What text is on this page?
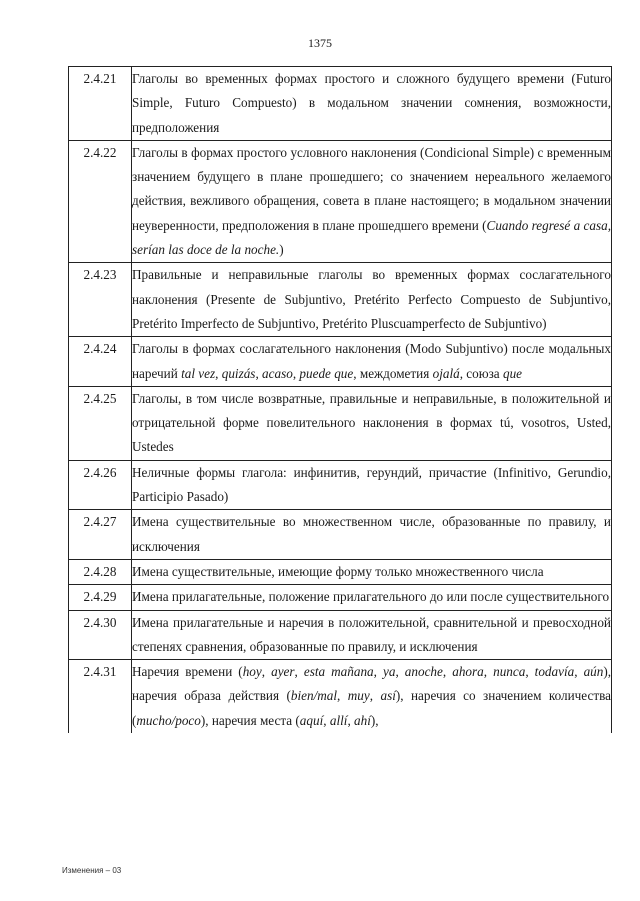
1375
2.4.21	Глаголы во временных формах простого и сложного будущего времени (Futuro Simple, Futuro Compuesto) в модальном значении сомнения, возможности, предположения
2.4.22	Глаголы в формах простого условного наклонения (Condicional Simple) с временным значением будущего в плане прошедшего; со значением нереального желаемого действия, вежливого обращения, совета в плане настоящего; в модальном значении неуверенности, предположения в плане прошедшего времени (Cuando regresé a casa, serían las doce de la noche.)
2.4.23	Правильные и неправильные глаголы во временных формах сослагательного наклонения (Presente de Subjuntivo, Pretérito Perfecto Compuesto de Subjuntivo, Pretérito Imperfecto de Subjuntivo, Pretérito Pluscuamperfecto de Subjuntivo)
2.4.24	Глаголы в формах сослагательного наклонения (Modo Subjuntivo) после модальных наречий tal vez, quizás, acaso, puede que, междометия ojalá, союза que
2.4.25	Глаголы, в том числе возвратные, правильные и неправильные, в положительной и отрицательной форме повелительного наклонения в формах tú, vosotros, Usted, Ustedes
2.4.26	Неличные формы глагола: инфинитив, герундий, причастие (Infinitivo, Gerundio, Participio Pasado)
2.4.27	Имена существительные во множественном числе, образованные по правилу, и исключения
2.4.28	Имена существительные, имеющие форму только множественного числа
2.4.29	Имена прилагательные, положение прилагательного до или после существительного
2.4.30	Имена прилагательные и наречия в положительной, сравнительной и превосходной степенях сравнения, образованные по правилу, и исключения
2.4.31	Наречия времени (hoy, ayer, esta mañana, ya, anoche, ahora, nunca, todavía, aún), наречия образа действия (bien/mal, muy, así), наречия со значением количества (mucho/poco), наречия места (aquí, allí, ahí),
Изменения – 03
